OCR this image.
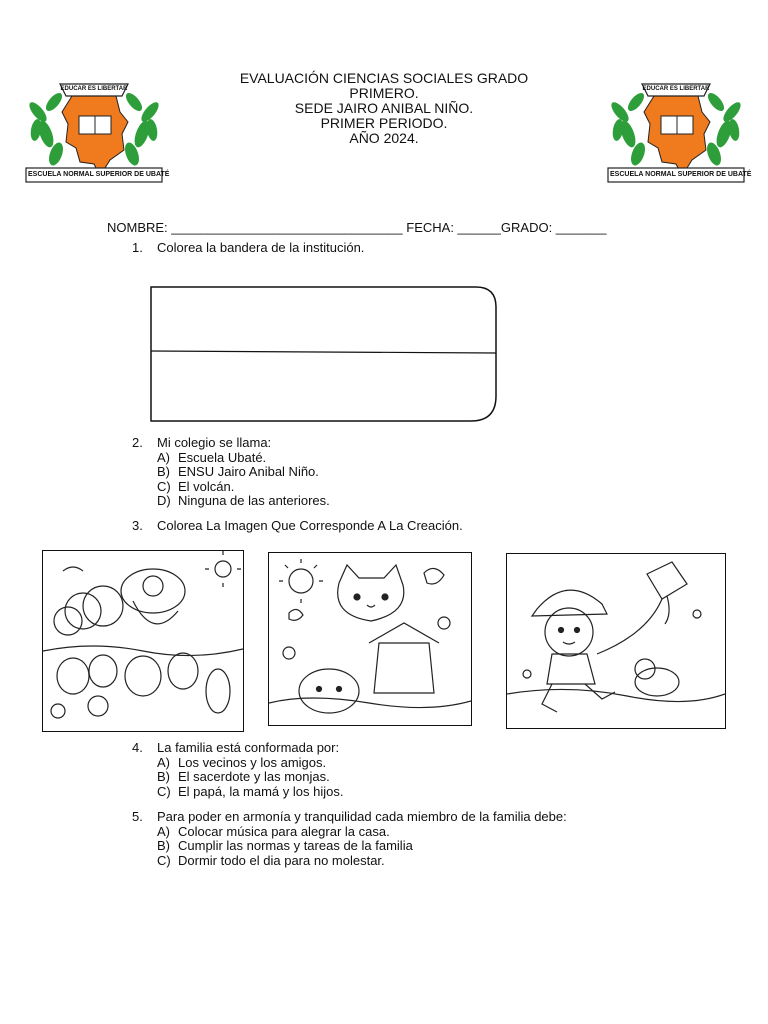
EDUCAR ES LIBERTAR
ESCUELA NORMAL SUPERIOR DE UBATÉ
EDUCAR ES LIBERTAR
ESCUELA NORMAL SUPERIOR DE UBATÉ
EVALUACIÓN CIENCIAS SOCIALES GRADO
PRIMERO.
SEDE JAIRO ANIBAL NIÑO.
PRIMER PERIODO.
AÑO 2024.
NOMBRE: ________________________________ FECHA: ______GRADO: _______
1. Colorea la bandera de la institución.
2. Mi colegio se llama:
A) Escuela Ubaté.
B) ENSU Jairo Anibal Niño.
C) El volcán.
D) Ninguna de las anteriores.
3. Colorea La Imagen Que Corresponde A La Creación.
4. La familia está conformada por:
A) Los vecinos y los amigos.
B) El sacerdote y las monjas.
C) El papá, la mamá y los hijos.
5. Para poder en armonía y tranquilidad cada miembro de la familia debe:
A) Colocar música para alegrar la casa.
B) Cumplir las normas y tareas de la familia
C) Dormir todo el dia para no molestar.
